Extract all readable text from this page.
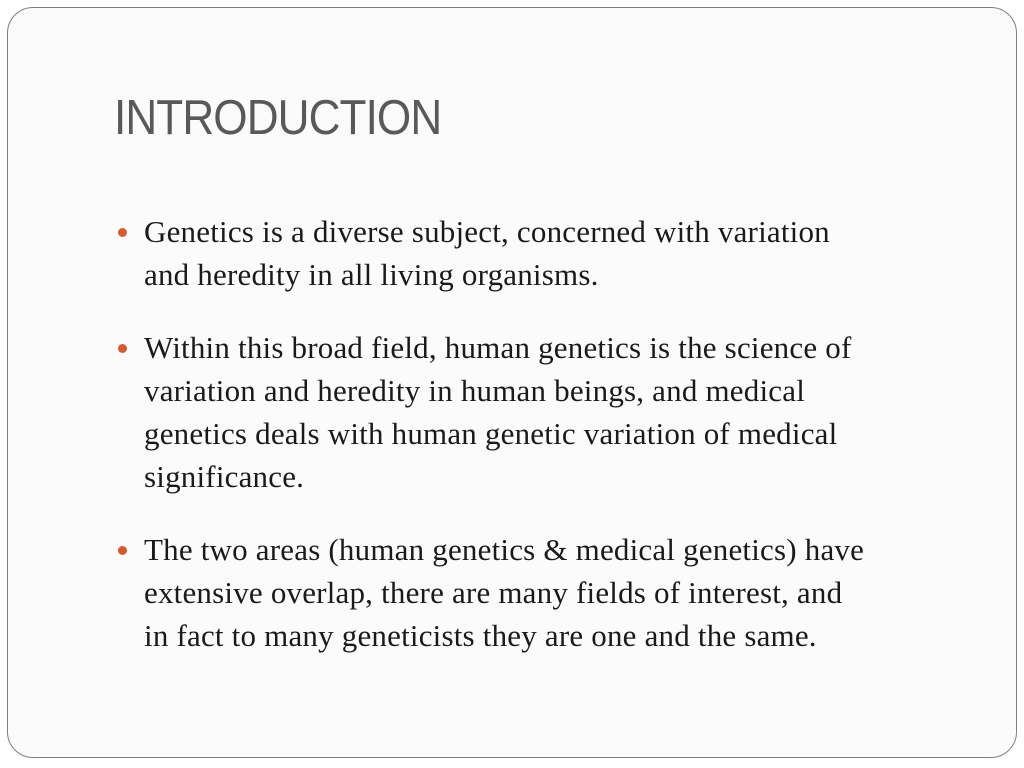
INTRODUCTION
Genetics is a diverse subject, concerned with variation
and heredity in all living organisms.
Within this broad field, human genetics is the science of
variation and heredity in human beings, and medical
genetics deals with human genetic variation of medical
significance.
The two areas (human genetics & medical genetics) have
extensive overlap, there are many fields of interest, and
in fact to many geneticists they are one and the same.
